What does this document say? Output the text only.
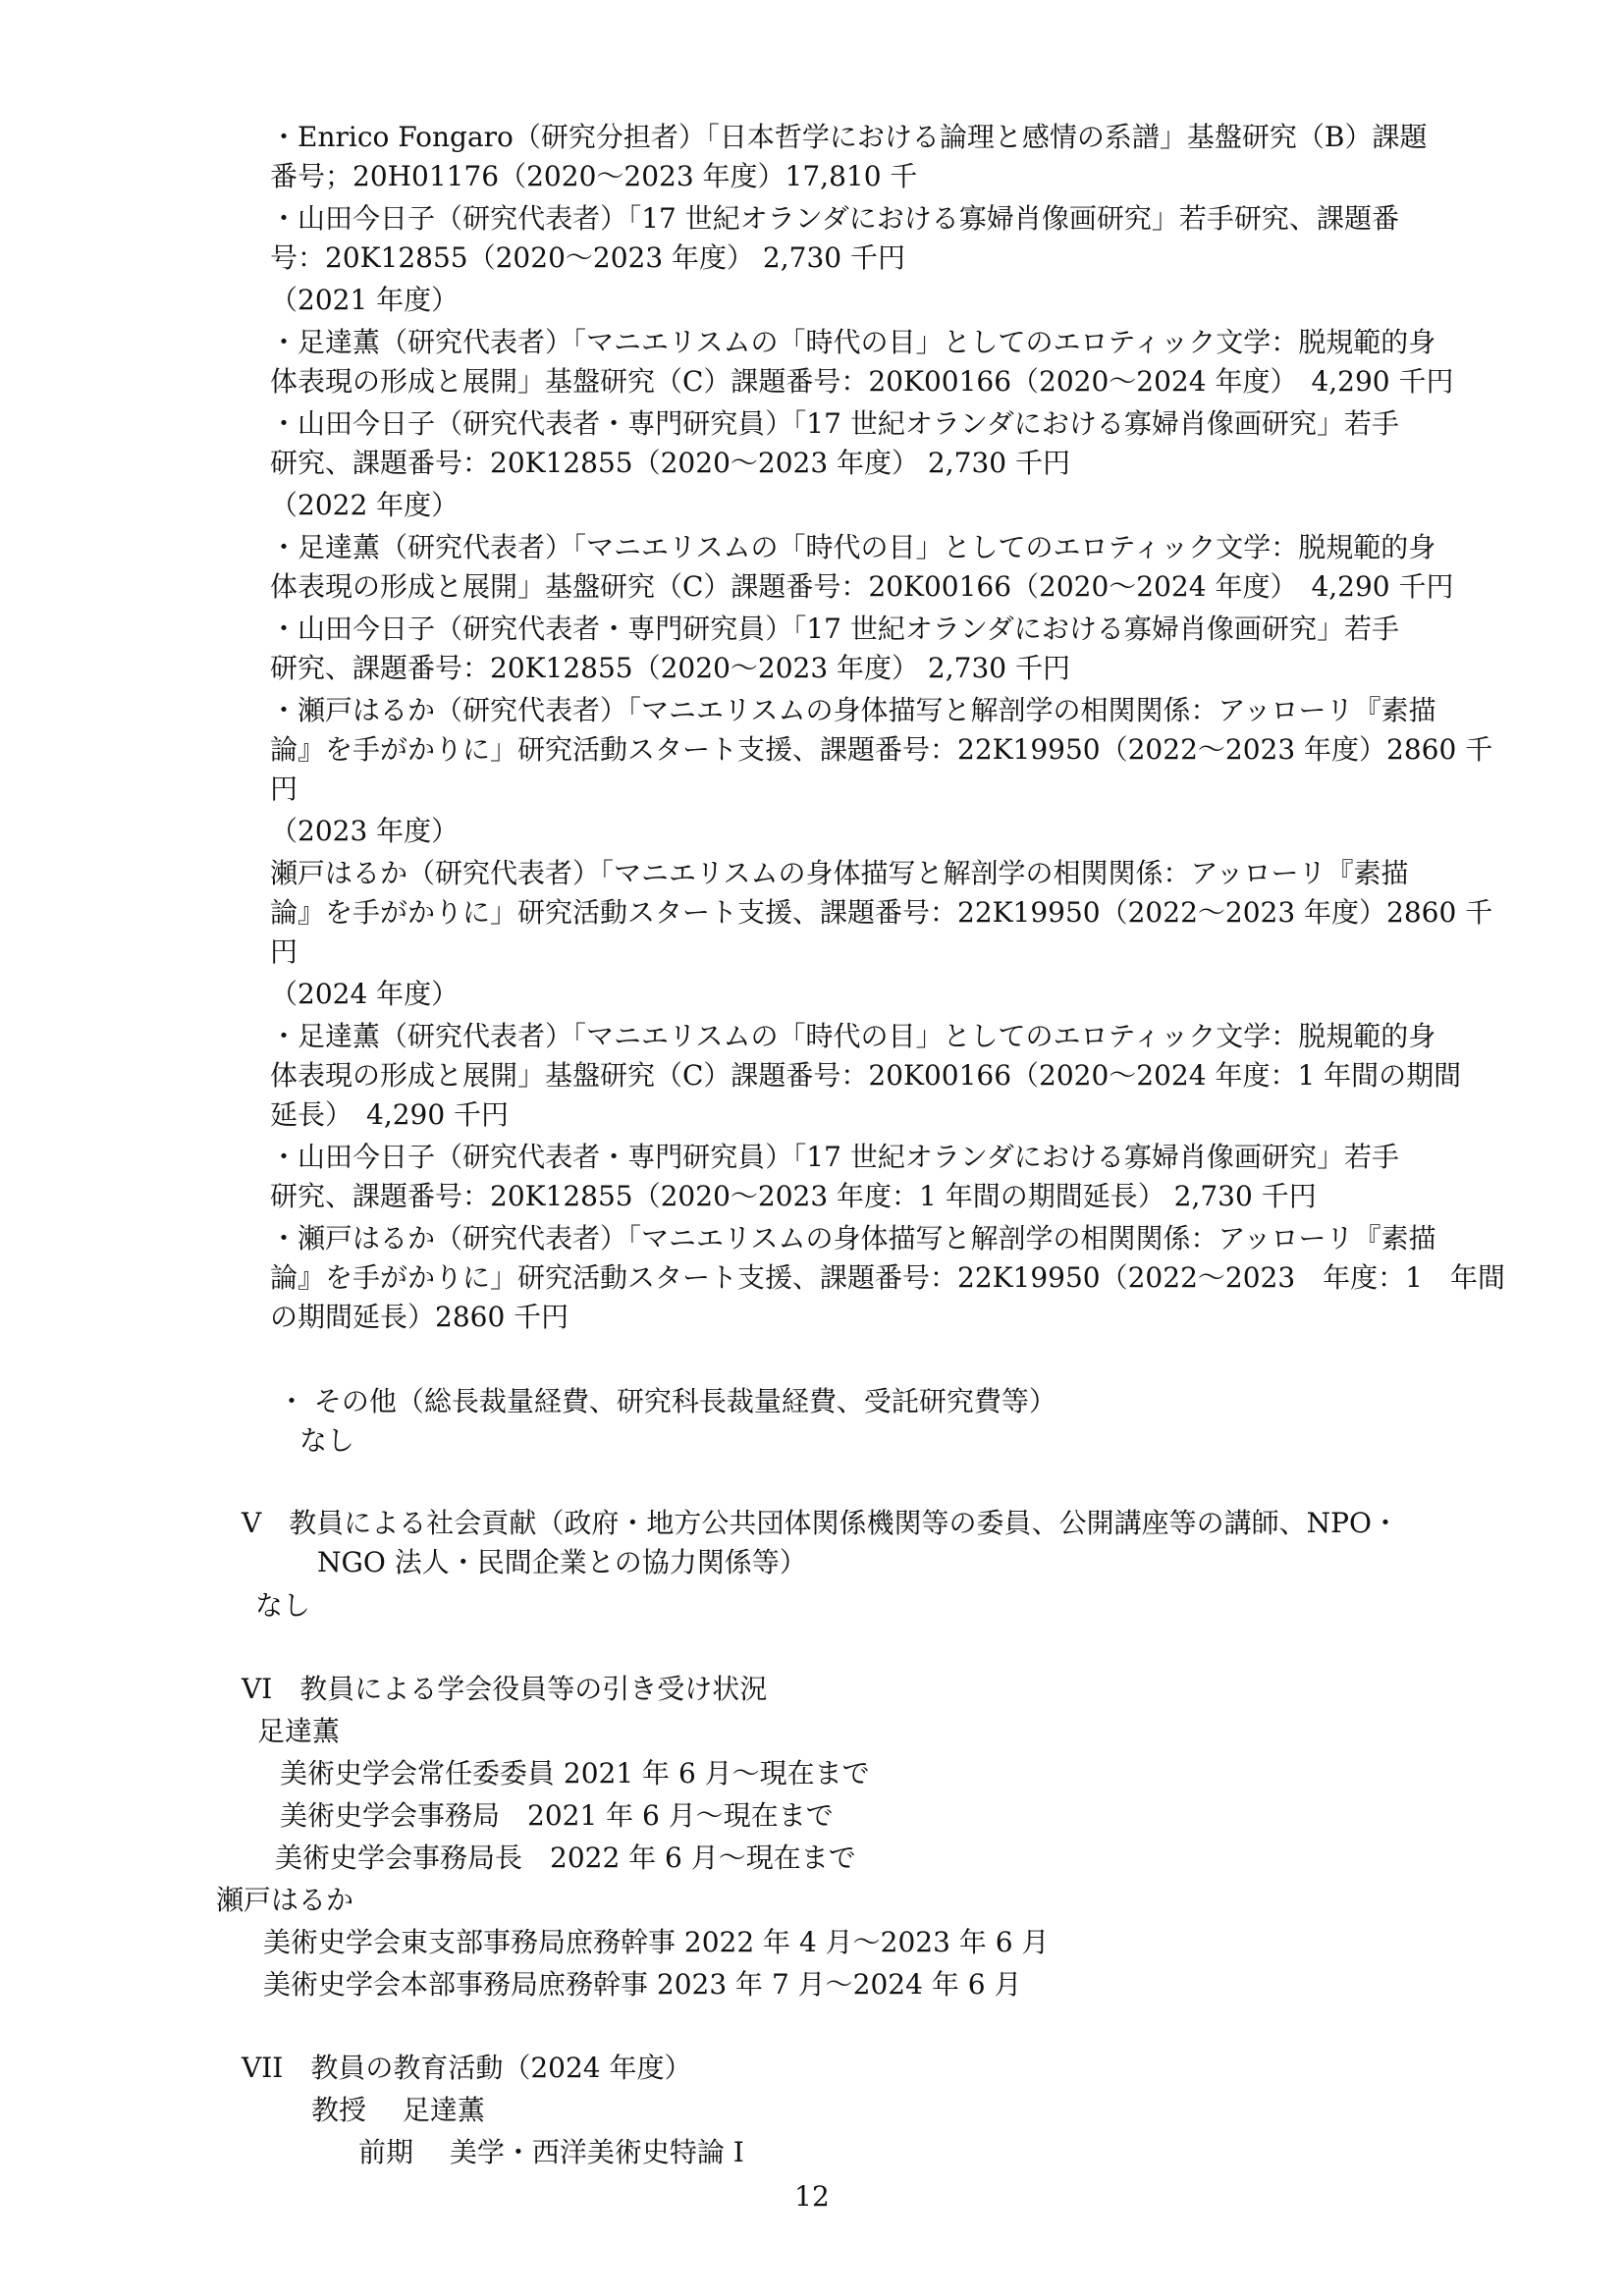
・Enrico Fongaro（研究分担者）「日本哲学における論理と感情の系譜」基盤研究（B）課題
番号；20H01176（2020～2023 年度）17,810 千
・山田今日子（研究代表者）「17 世紀オランダにおける寡婦肖像画研究」若手研究、課題番
号：20K12855（2020～2023 年度） 2,730 千円
（2021 年度）
・足達薫（研究代表者）「マニエリスムの「時代の目」としてのエロティック文学：脱規範的身
体表現の形成と展開」基盤研究（C）課題番号：20K00166（2020～2024 年度）　4,290 千円
・山田今日子（研究代表者・専門研究員）「17 世紀オランダにおける寡婦肖像画研究」若手
研究、課題番号：20K12855（2020～2023 年度） 2,730 千円
（2022 年度）
・足達薫（研究代表者）「マニエリスムの「時代の目」としてのエロティック文学：脱規範的身
体表現の形成と展開」基盤研究（C）課題番号：20K00166（2020～2024 年度）　4,290 千円
・山田今日子（研究代表者・専門研究員）「17 世紀オランダにおける寡婦肖像画研究」若手
研究、課題番号：20K12855（2020～2023 年度） 2,730 千円
・瀬戸はるか（研究代表者）「マニエリスムの身体描写と解剖学の相関関係：アッローリ『素描
論』を手がかりに」研究活動スタート支援、課題番号：22K19950（2022～2023 年度）2860 千
円
（2023 年度）
瀬戸はるか（研究代表者）「マニエリスムの身体描写と解剖学の相関関係：アッローリ『素描
論』を手がかりに」研究活動スタート支援、課題番号：22K19950（2022～2023 年度）2860 千
円
（2024 年度）
・足達薫（研究代表者）「マニエリスムの「時代の目」としてのエロティック文学：脱規範的身
体表現の形成と展開」基盤研究（C）課題番号：20K00166（2020～2024 年度：1 年間の期間
延長）　4,290 千円
・山田今日子（研究代表者・専門研究員）「17 世紀オランダにおける寡婦肖像画研究」若手
研究、課題番号：20K12855（2020～2023 年度：1 年間の期間延長） 2,730 千円
・瀬戸はるか（研究代表者）「マニエリスムの身体描写と解剖学の相関関係：アッローリ『素描
論』を手がかりに」研究活動スタート支援、課題番号：22K19950（2022～2023　年度：1　年間
の期間延長）2860 千円
・ その他（総長裁量経費、研究科長裁量経費、受託研究費等）
なし
V　教員による社会貢献（政府・地方公共団体関係機関等の委員、公開講座等の講師、NPO・
NGO 法人・民間企業との協力関係等）
なし
VI　教員による学会役員等の引き受け状況
足達薫
美術史学会常任委委員 2021 年 6 月～現在まで
美術史学会事務局　2021 年 6 月～現在まで
美術史学会事務局長　2022 年 6 月～現在まで
瀬戸はるか
美術史学会東支部事務局庶務幹事 2022 年 4 月～2023 年 6 月
美術史学会本部事務局庶務幹事 2023 年 7 月～2024 年 6 月
VII　教員の教育活動（2024 年度）
教授　 足達薫
前期　 美学・西洋美術史特論 I
12
